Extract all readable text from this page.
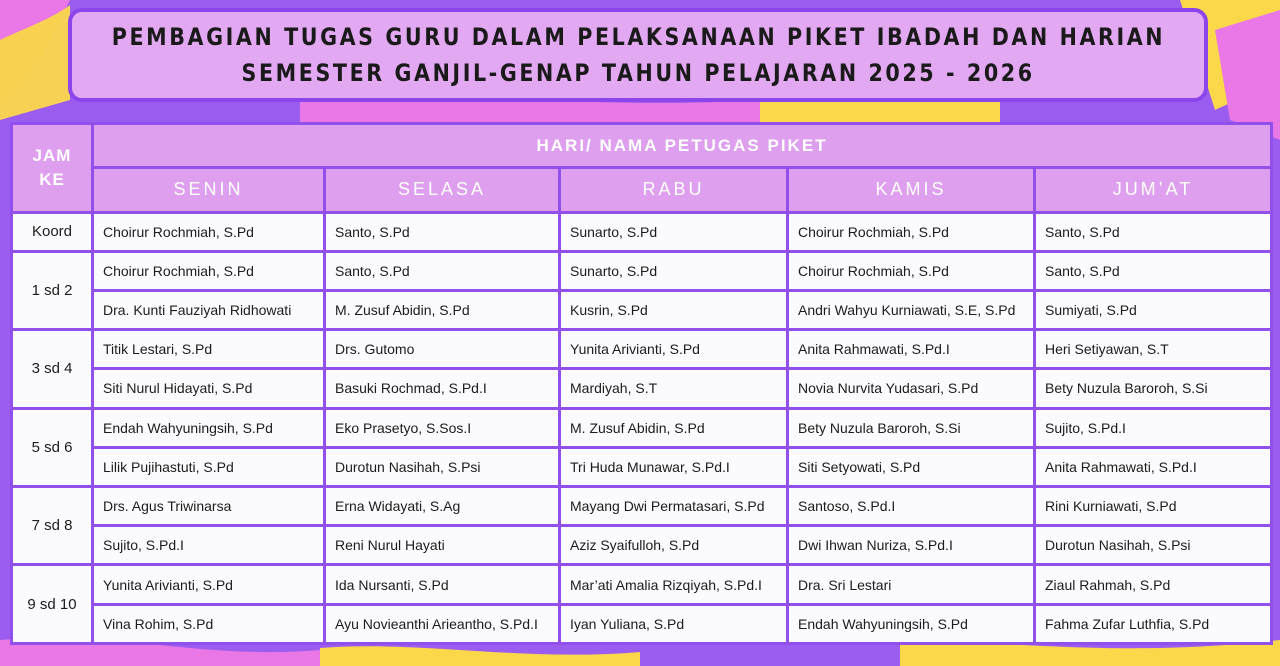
PEMBAGIAN TUGAS GURU DALAM PELAKSANAAN PIKET IBADAH DAN HARIAN
SEMESTER GANJIL-GENAP TAHUN PELAJARAN 2025 - 2026
JAM KE	HARI/ NAMA PETUGAS PIKET				
	SENIN	SELASA	RABU	KAMIS	JUM’AT
Koord	Choirur Rochmiah, S.Pd	Santo, S.Pd	Sunarto, S.Pd	Choirur Rochmiah, S.Pd	Santo, S.Pd
1 sd 2	Choirur Rochmiah, S.Pd	Santo, S.Pd	Sunarto, S.Pd	Choirur Rochmiah, S.Pd	Santo, S.Pd
	Dra. Kunti Fauziyah Ridhowati	M. Zusuf Abidin, S.Pd	Kusrin, S.Pd	Andri Wahyu Kurniawati, S.E, S.Pd	Sumiyati, S.Pd
3 sd 4	Titik Lestari, S.Pd	Drs. Gutomo	Yunita Arivianti, S.Pd	Anita Rahmawati, S.Pd.I	Heri Setiyawan, S.T
	Siti Nurul Hidayati, S.Pd	Basuki Rochmad, S.Pd.I	Mardiyah, S.T	Novia Nurvita Yudasari, S.Pd	Bety Nuzula Baroroh, S.Si
5 sd 6	Endah Wahyuningsih, S.Pd	Eko Prasetyo, S.Sos.I	M. Zusuf Abidin, S.Pd	Bety Nuzula Baroroh, S.Si	Sujito, S.Pd.I
	Lilik Pujihastuti, S.Pd	Durotun Nasihah, S.Psi	Tri Huda Munawar, S.Pd.I	Siti Setyowati, S.Pd	Anita Rahmawati, S.Pd.I
7 sd 8	Drs. Agus Triwinarsa	Erna Widayati, S.Ag	Mayang Dwi Permatasari, S.Pd	Santoso, S.Pd.I	Rini Kurniawati, S.Pd
	Sujito, S.Pd.I	Reni Nurul Hayati	Aziz Syaifulloh, S.Pd	Dwi Ihwan Nuriza, S.Pd.I	Durotun Nasihah, S.Psi
9 sd 10	Yunita Arivianti, S.Pd	Ida Nursanti, S.Pd	Mar’ati Amalia Rizqiyah, S.Pd.I	Dra. Sri Lestari	Ziaul Rahmah, S.Pd
	Vina Rohim, S.Pd	Ayu Novieanthi Arieantho, S.Pd.I	Iyan Yuliana, S.Pd	Endah Wahyuningsih, S.Pd	Fahma Zufar Luthfia, S.Pd
